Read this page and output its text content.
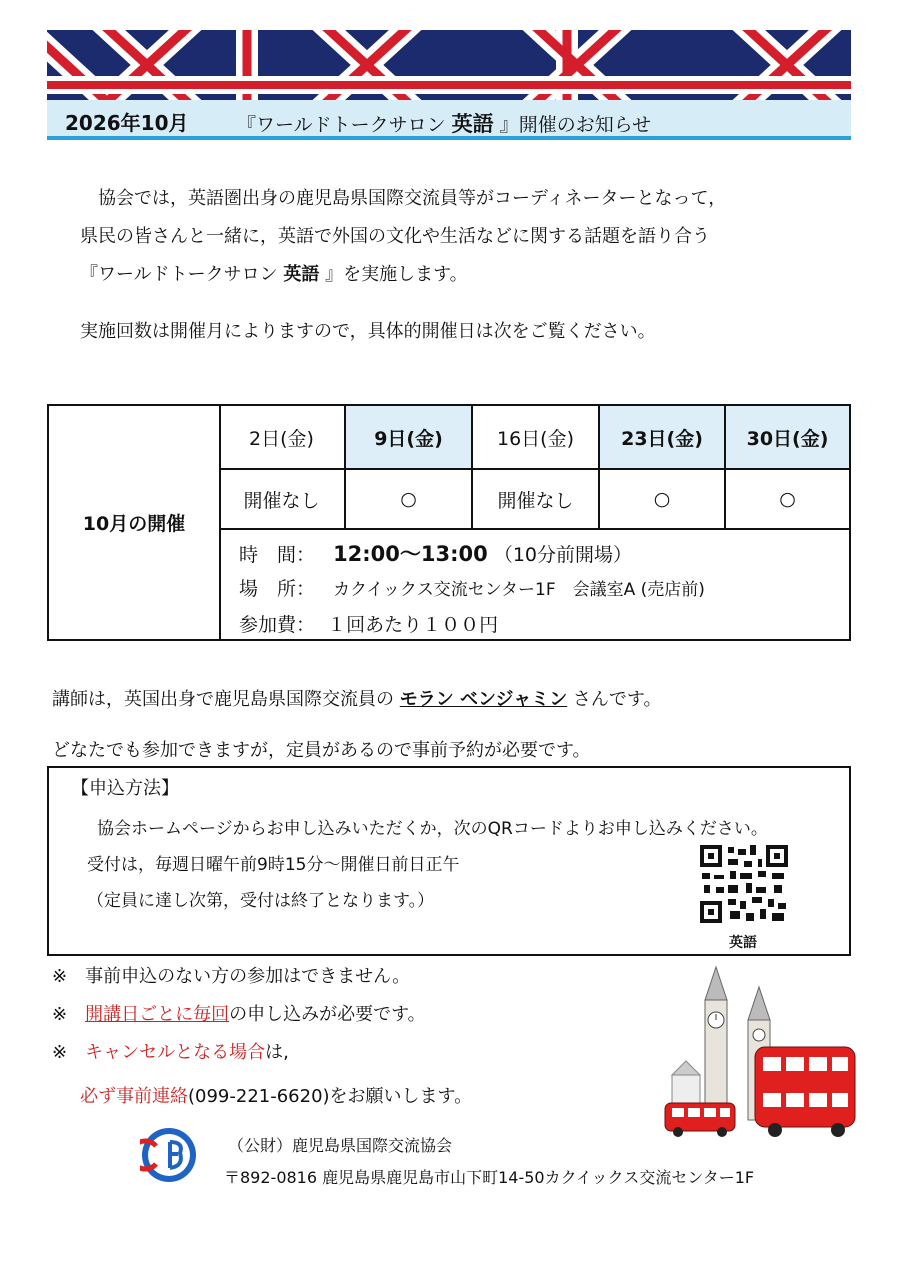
2026年10月	『ワールドトークサロン 英語 』開催のお知らせ
協会では，英語圏出身の鹿児島県国際交流員等がコーディネーターとなって，
県民の皆さんと一緒に，英語で外国の文化や生活などに関する話題を語り合う
『ワールドトークサロン 英語 』を実施します。
実施回数は開催月によりますので，具体的開催日は次をご覧ください。
10月の開催
2日(金)	9日(金)	16日(金)	23日(金)	30日(金)
開催なし	○	開催なし	○	○
時　間： 12:00〜13:00 （10分前開場）
場　所： カクイックス交流センター1F　会議室A (売店前)
参加費： １回あたり１００円
講師は，英国出身で鹿児島県国際交流員の モラン ベンジャミン さんです。
どなたでも参加できますが，定員があるので事前予約が必要です。
【申込方法】
協会ホームページからお申し込みいただくか，次のQRコードよりお申し込みください。
受付は，毎週日曜午前9時15分～開催日前日正午
（定員に達し次第，受付は終了となります。）
英語
※ 事前申込のない方の参加はできません。
※ 開講日ごとに毎回の申し込みが必要です。
※ キャンセルとなる場合は,
必ず事前連絡(099-221-6620)をお願いします。
（公財）鹿児島県国際交流協会
〒892-0816 鹿児島県鹿児島市山下町14-50カクイックス交流センター1F
